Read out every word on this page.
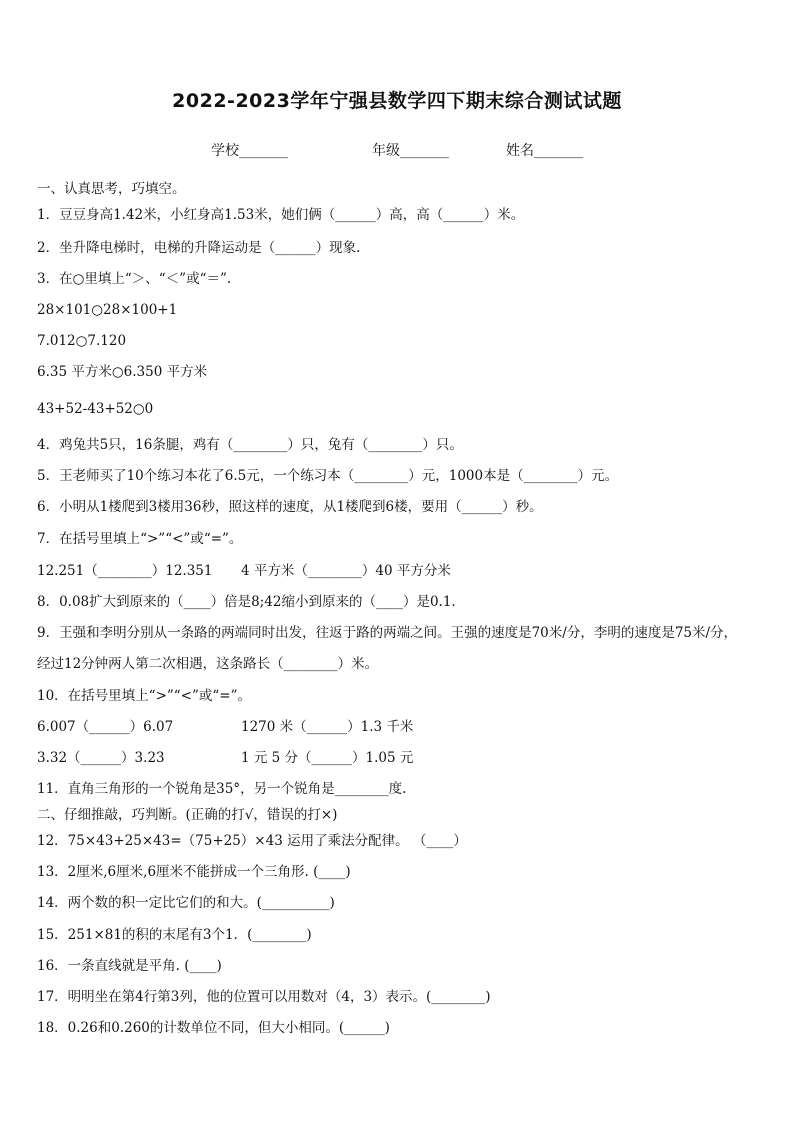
2022-2023学年宁强县数学四下期末综合测试试题
学校_______	年级_______	姓名_______
一、认真思考，巧填空。
1．豆豆身高1.42米，小红身高1.53米，她们俩（______）高，高（______）米。
2．坐升降电梯时，电梯的升降运动是（______）现象.
3．在○里填上“＞、“＜”或“＝”.
28×101○28×100+1
7.012○7.120
6.35 平方米○6.350 平方米
43+52-43+52○0
4．鸡兔共5只，16条腿，鸡有（________）只，兔有（________）只。
5．王老师买了10个练习本花了6.5元，一个练习本（________）元，1000本是（________）元。
6．小明从1楼爬到3楼用36秒，照这样的速度，从1楼爬到6楼，要用（______）秒。
7．在括号里填上“>”“<”或“=”。
12.251（________）12.351 4 平方米（________）40 平方分米
8．0.08扩大到原来的（____）倍是8;42缩小到原来的（____）是0.1.
9．王强和李明分别从一条路的两端同时出发，往返于路的两端之间。王强的速度是70米/分，李明的速度是75米/分，
经过12分钟两人第二次相遇，这条路长（________）米。
10．在括号里填上“>”“<”或“=”。
6.007（______）6.07	1270 米（______）1.3 千米
3.32（______）3.23	1 元 5 分（______）1.05 元
11．直角三角形的一个锐角是35°，另一个锐角是________度.
二、仔细推敲，巧判断。(正确的打√，错误的打×)
12．75×43+25×43=（75+25）×43 运用了乘法分配律。 （____）
13．2厘米,6厘米,6厘米不能拼成一个三角形. (____)
14．两个数的积一定比它们的和大。(__________)
15．251×81的积的末尾有3个1．(________)
16．一条直线就是平角. (____)
17．明明坐在第4行第3列，他的位置可以用数对（4，3）表示。(________)
18．0.26和0.260的计数单位不同，但大小相同。(______)
